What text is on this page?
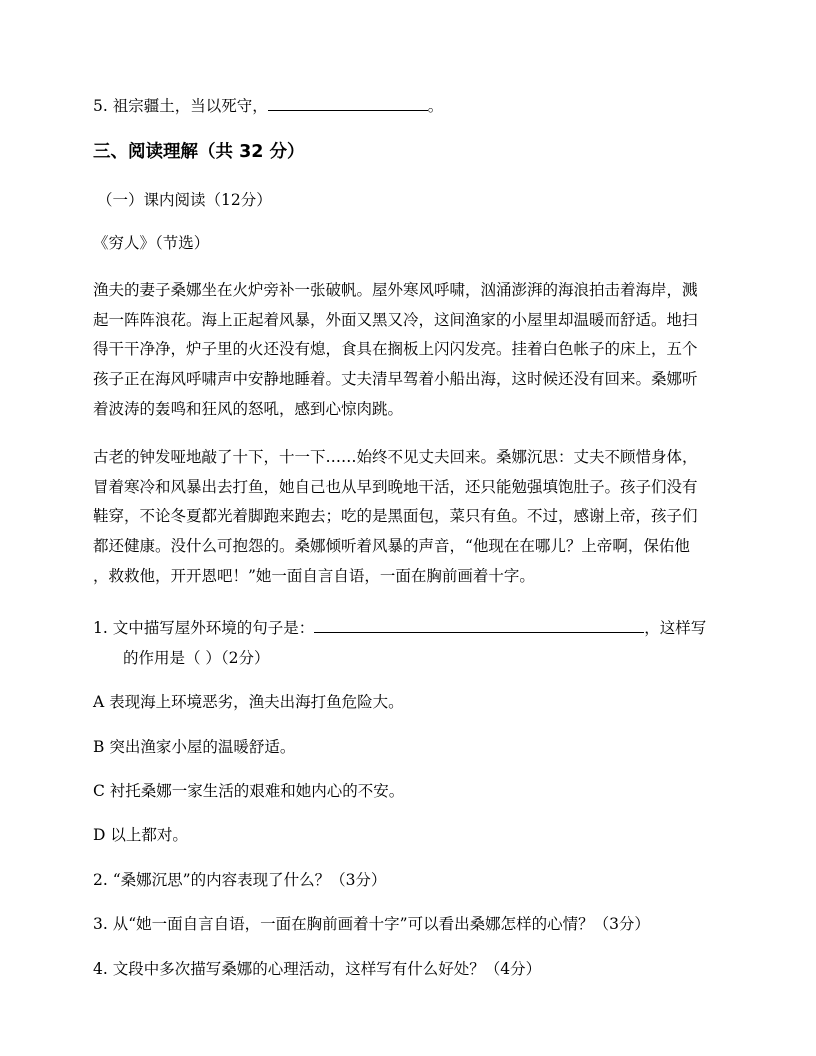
5. 祖宗疆土，当以死守，	。
三、阅读理解（共 32 分）
（一）课内阅读（12分）
《穷人》（节选）
渔夫的妻子桑娜坐在火炉旁补一张破帆。屋外寒风呼啸，汹涌澎湃的海浪拍击着海岸，溅
起一阵阵浪花。海上正起着风暴，外面又黑又冷，这间渔家的小屋里却温暖而舒适。地扫
得干干净净，炉子里的火还没有熄，食具在搁板上闪闪发亮。挂着白色帐子的床上，五个
孩子正在海风呼啸声中安静地睡着。丈夫清早驾着小船出海，这时候还没有回来。桑娜听
着波涛的轰鸣和狂风的怒吼，感到心惊肉跳。
古老的钟发哑地敲了十下，十一下……始终不见丈夫回来。桑娜沉思：丈夫不顾惜身体，
冒着寒冷和风暴出去打鱼，她自己也从早到晚地干活，还只能勉强填饱肚子。孩子们没有
鞋穿，不论冬夏都光着脚跑来跑去；吃的是黑面包，菜只有鱼。不过，感谢上帝，孩子们
都还健康。没什么可抱怨的。桑娜倾听着风暴的声音，“他现在在哪儿？上帝啊，保佑他
，救救他，开开恩吧！”她一面自言自语，一面在胸前画着十字。
1. 文中描写屋外环境的句子是：	，这样写
的作用是（ ）（2分）
A 表现海上环境恶劣，渔夫出海打鱼危险大。
B 突出渔家小屋的温暖舒适。
C 衬托桑娜一家生活的艰难和她内心的不安。
D 以上都对。
2. “桑娜沉思”的内容表现了什么？（3分）
3. 从“她一面自言自语，一面在胸前画着十字”可以看出桑娜怎样的心情？（3分）
4. 文段中多次描写桑娜的心理活动，这样写有什么好处？（4分）
